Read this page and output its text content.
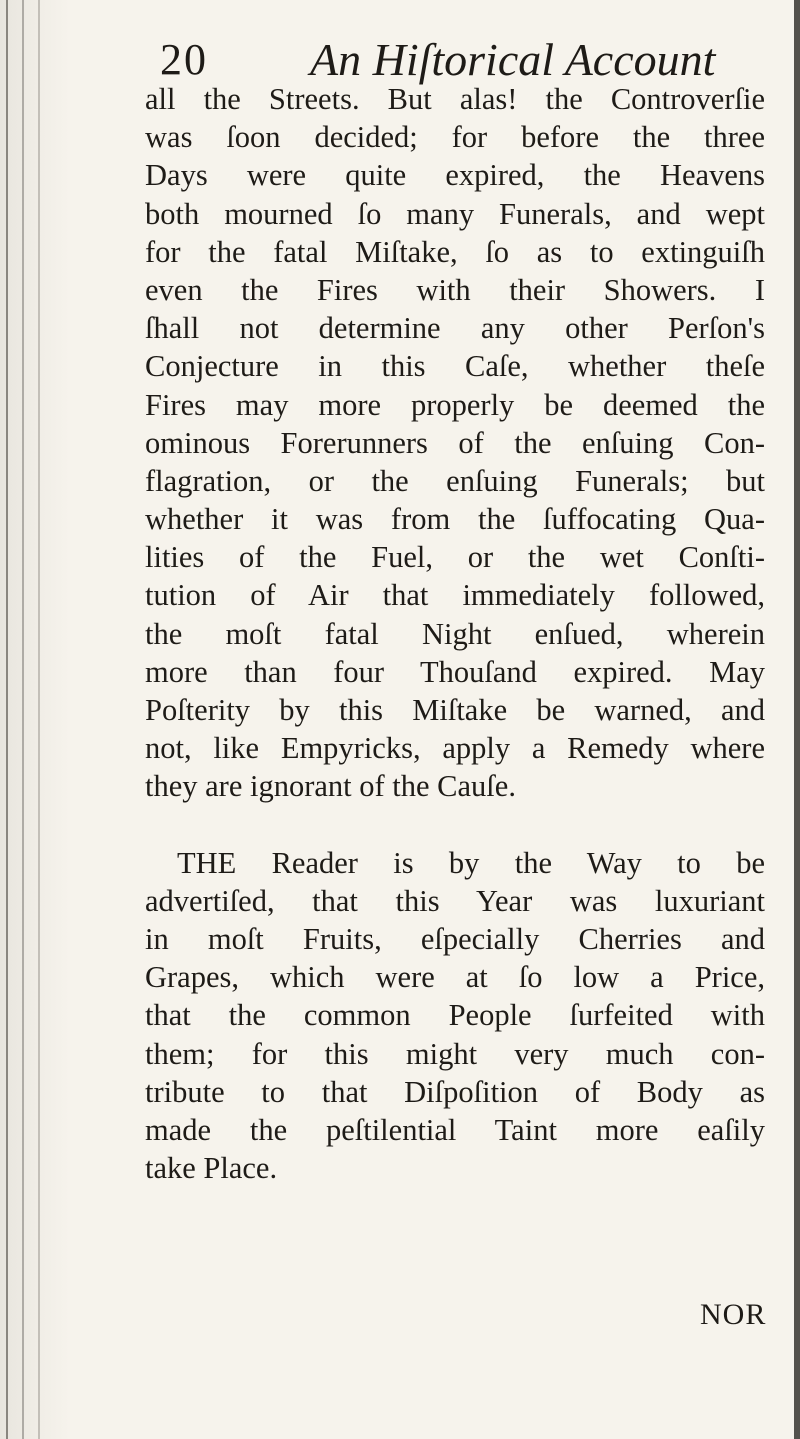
20 An Hiſtorical Account
all the Streets. But alas! the Controverſie
was ſoon decided; for before the three
Days were quite expired, the Heavens
both mourned ſo many Funerals, and wept
for the fatal Miſtake, ſo as to extinguiſh
even the Fires with their Showers. I
ſhall not determine any other Perſon's
Conjecture in this Caſe, whether theſe
Fires may more properly be deemed the
ominous Forerunners of the enſuing Con-
flagration, or the enſuing Funerals; but
whether it was from the ſuffocating Qua-
lities of the Fuel, or the wet Conſti-
tution of Air that immediately followed,
the moſt fatal Night enſued, wherein
more than four Thouſand expired. May
Poſterity by this Miſtake be warned, and
not, like Empyricks, apply a Remedy where
they are ignorant of the Cauſe.
THE Reader is by the Way to be
advertiſed, that this Year was luxuriant
in moſt Fruits, eſpecially Cherries and
Grapes, which were at ſo low a Price,
that the common People ſurfeited with
them; for this might very much con-
tribute to that Diſpoſition of Body as
made the peſtilential Taint more eaſily
take Place.
NOR
